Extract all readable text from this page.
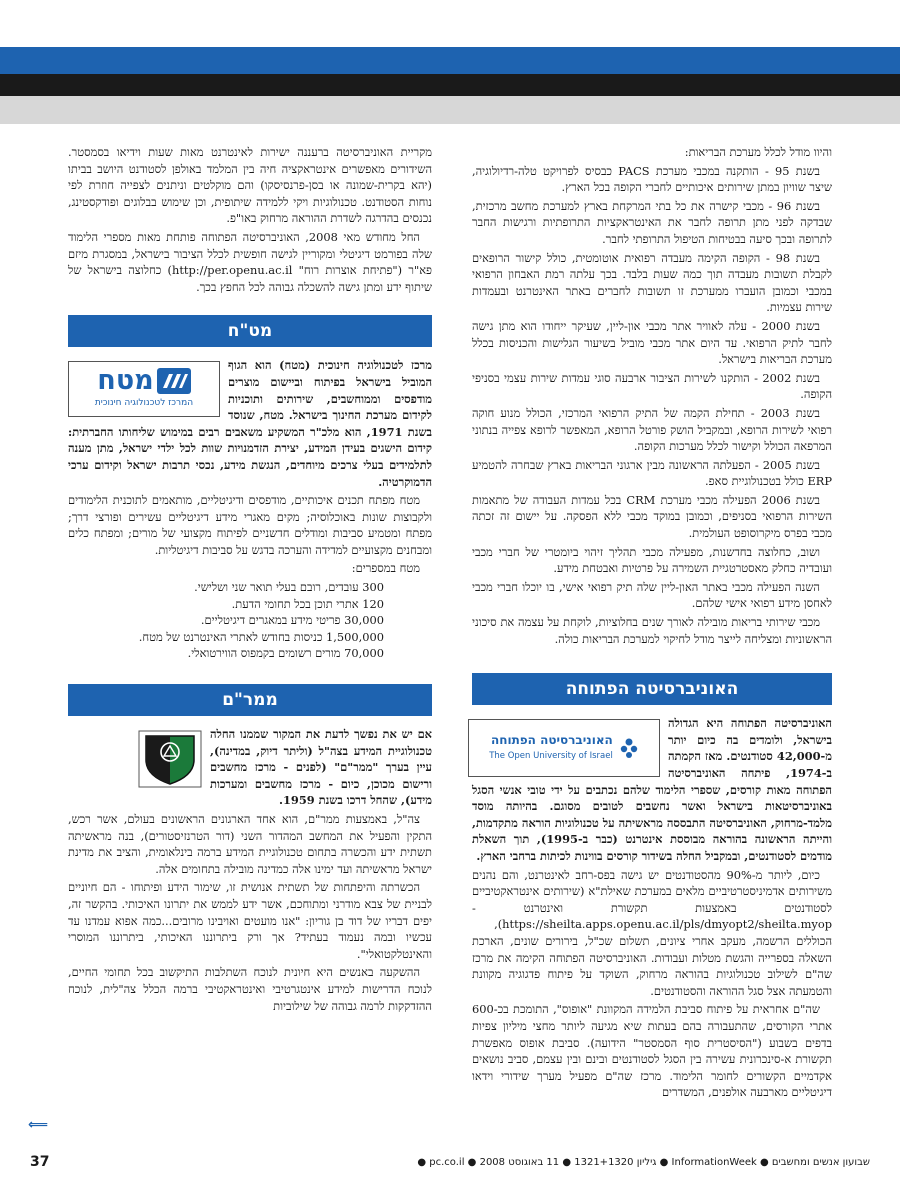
והיוו מודל לכלל מערכת הבריאות:

בשנת 95 - הותקנה במכבי מערכת PACS כבסיס לפרויקט טלה-רדיולוגיה, שיצר שוויון במתן שירותים איכותיים לחברי הקופה בכל הארץ.

בשנת 96 - מכבי קישרה את כל בתי המרקחת בארץ למערכת מחשב מרכזית, שבדקה לפני מתן תרופה לחבר את האינטראקציות התרופתיות ורגישות החבר לתרופה ובכך סיעה בבטיחות הטיפול התרופתי לחבר.

בשנת 98 - הקופה הקימה מעבדה רפואית אוטומטית, כולל קישור הרופאים לקבלת תשובות מעבדה תוך כמה שעות בלבד. בכך עלתה רמת האבחון הרפואי במכבי וכמובן הועברו ממערכת זו תשובות לחברים באתר האינטרנט ובעמדות שירות עצמיות.

בשנת 2000 - עלה לאוויר אתר מכבי און-ליין, שעיקר ייחודו הוא מתן גישה לחבר לתיק הרפואי. עד היום אתר מכבי מוביל בשיעור הגלישות והכניסות בכלל מערכת הבריאות בישראל.

בשנת 2002 - הותקנו לשירות הציבור ארבעה סוגי עמדות שירות עצמי בסניפי הקופה.

בשנת 2003 - תחילת הקמה של התיק הרפואי המרכזי, הכולל מנוע חוקה רפואי לשירות הרופא, ובמקביל הושק פורטל הרופא, המאפשר לרופא צפייה בנתוני המרפאה הכולל וקישור לכלל מערכות הקופה.

בשנת 2005 - הפעלתה הראשונה מבין ארגוני הבריאות בארץ שבחרה להטמיע ERP כולל בטכנולוגיית סאפ.

בשנת 2006 הפעילה מכבי מערכת CRM בכל עמדות העבודה של מתאמות השירות הרפואי בסניפים, וכמובן במוקד מכבי ללא הפסקה. על יישום זה זכתה מכבי בפרס מיקרוסופט העולמית.

ושוב, כחלוצה בחדשנות, מפעילה מכבי תהליך זיהוי ביומטרי של חברי מכבי ועובדיה כחלק מאסטרטגיית השמירה על פרטיות ואבטחת מידע.

השנה הפעילה מכבי באתר האון-ליין שלה תיק רפואי אישי, בו יוכלו חברי מכבי לאחסן מידע רפואי אישי שלהם.

מכבי שירותי בריאות מובילה לאורך שנים בחלוציות, לוקחת על עצמה את סיכוני הראשוניות ומצליחה לייצר מודל לחיקוי למערכת הבריאות כולה.

האוניברסיטה הפתוחה
האוניברסיטה הפתוחה
The Open University of Israel

האוניברסיטה הפתוחה היא הגדולה בישראל, ולומדים בה כיום יותר מ-42,000 סטודנטים. מאז הקמתה ב-1974, פיתחה האוניברסיטה הפתוחה מאות קורסים, שספרי הלימוד שלהם נכתבים על ידי טובי אנשי הסגל באוניברסיטאות בישראל ואשר נחשבים לטובים מסוגם. בהיותה מוסד מלמד-מרחוק, האוניברסיטה התבססה מראשיתה על טכנולוגיות הוראה מתקדמות, והייתה הראשונה בהוראה מבוססת אינטרנט (כבר ב-1995), תוך השאלת מודמים לסטודנטים, ובמקביל החלה בשידור קורסים בווינות לכיתות ברחבי הארץ.

כיום, ליותר מ-90% מהסטודנטים יש גישה בפס-רחב לאינטרנט, והם נהנים משירותים אדמיניסטרטיביים מלאים במערכת שאילת"א (שירותים אינטראקטיביים לסטודנטים באמצעות תקשורת ואינטרנט - https://sheilta.apps.openu.ac.il/pls/dmyopt2/sheilta.myop), הכוללים הרשמה, מעקב אחרי ציונים, תשלום שכ"ל, בירורים שונים, הארכת השאלה בספרייה והגשת מטלות ועבודות. האוניברסיטה הפתוחה הקימה את מרכז שה"ם לשילוב טכנולוגיות בהוראה מרחוק, השוקד על פיתוח פדגוגיה מקוונת והטמעתה אצל סגל ההוראה והסטודנטים.

שה"ם אחראית על פיתוח סביבת הלמידה המקוונת "אופוס", התומכת בכ-600 אתרי הקורסים, שהתעבורה בהם בעתות שיא מגיעה ליותר מחצי מיליון צפיות בדפים בשבוע ("הסיסטרית סוף הסמסטר" הידועה). סביבת אופוס מאפשרת תקשורת א-סינכרונית עשירה בין הסגל לסטודנטים ובינם ובין עצמם, סביב נושאים אקדמיים הקשורים לחומר הלימוד. מרכז שה"ם מפעיל מערך שידורי וידאו דיגיטליים מארבעה אולפנים, המשדרים

מקריית האוניברסיטה ברעננה ישירות לאינטרנט מאות שעות וידיאו בסמסטר. השידורים מאפשרים אינטראקציה חיה בין המלמד באולפן לסטודנט היושב בביתו (יהא בקרית-שמונה או בסן-פרנסיסקו) והם מוקלטים וניתנים לצפייה חוזרת לפי נוחות הסטודנט. טכנולוגיות ויקי ללמידה שיתופית, וכן שימוש בבלוגים ופודקסטינג, נכנסים בהדרגה לשדרת ההוראה מרחוק באו"פ.

החל מחודש מאי 2008, האוניברסיטה הפתוחה פותחת מאות מספרי הלימוד שלה בפורמט דיגיטלי ומקוריין לגישה חופשית לכלל הציבור בישראל, במסגרת מיזם פא"ר ("פתיחת אוצרות רוח" http://per.openu.ac.il) כחלוצה בישראל של שיתוף ידע ומתן גישה להשכלה גבוהה לכל החפץ בכך.

מט"ח
מטח
המרכז לטכנולוגיה חינוכית

מרכז לטכנולוגיה חינוכית (מטח) הוא הגוף המוביל בישראל בפיתוח וביישום מוצרים מודפסים וממוחשבים, שירותים ותוכניות לקידום מערכת החינוך בישראל. מטח, שנוסד בשנת 1971, הוא מלכ"ר המשקיע משאבים רבים במימוש שליחותו החברתית: קידום הישגים בעידן המידע, יצירת הזדמנויות שוות לכל ילדי ישראל, מתן מענה לתלמידים בעלי צרכים מיוחדים, הנגשת מידע, נכסי תרבות ישראל וקידום ערכי הדמוקרטיה.

מטח מפתח תכנים איכותיים, מודפסים ודיגיטליים, מותאמים לתוכנית הלימודים ולקבוצות שונות באוכלוסיה; מקים מאגרי מידע דיגיטליים עשירים ופורצי דרך; מפתח ומטמיע סביבות ומודלים חדשניים לפיתוח מקצועי של מורים; ומפתח כלים ומבחנים מקצועיים למדידה והערכה בדגש על סביבות דיגיטליות.

מטח במספרים:

300 עובדים, רובם בעלי תואר שני ושלישי.

120 אתרי תוכן בכל תחומי הדעת.

30,000 פריטי מידע במאגרים דיגיטליים.

1,500,000 כניסות בחודש לאתרי האינטרנט של מטח.

70,000 מורים רשומים בקמפוס הווירטואלי.

ממר"ם

אם יש את נפשך לדעת את המקור שממנו החלה טכנולוגיית המידע בצה"ל (וליתר דיוק, במדינה), עיין בערך "ממר"ם" (לפנים - מרכז מחשבים ורישום מכוכן, כיום - מרכז מחשבים ומערכות מידע), שהחל דרכו בשנת 1959.

צה"ל, באמצעות ממר"ם, הוא אחד הארגונים הראשונים בעולם, אשר רכש, התקין והפעיל את המחשב המהדור השני (דור הטרנזיסטורים), בנה מראשיתה תשתית ידע והכשרה בתחום טכנולוגיית המידע ברמה בינלאומית, והציב את מדינת ישראל מראשיתה ועד ימינו אלה כמדינה מובילה בתחומים אלה.

הכשרתה והיפתחות של תשתית אנושית זו, שימור הידע ופיתוחו - הם חיוניים לבניית של צבא מודרני ומתוחכם, אשר ידע לממש את יתרונו האיכותי. בהקשר זה, יפים דבריו של דוד בן גוריון: "אנו מועטים ואויבינו מרובים...כמה אפוא עמדנו עד עכשיו ובמה נעמוד בעתיד? אך ורק ביתרוננו האיכותי, ביתרוננו המוסרי והאינטלקטואלי".

ההשקעה באנשים היא חיונית לנוכח השתלבות התיקשוב בכל תחומי החיים, לנוכח הדרישות למידע אינטגרטיבי ואינטראקטיבי ברמה הכלל צה"לית, לנוכח ההזדקקות לרמה גבוהה של שילוביות

⟸
שבועון אנשים ומחשבים ● InformationWeek ● גיליון 1321+1320 ● 11 באוגוסט 2008 ● pc.co.il ●
37
